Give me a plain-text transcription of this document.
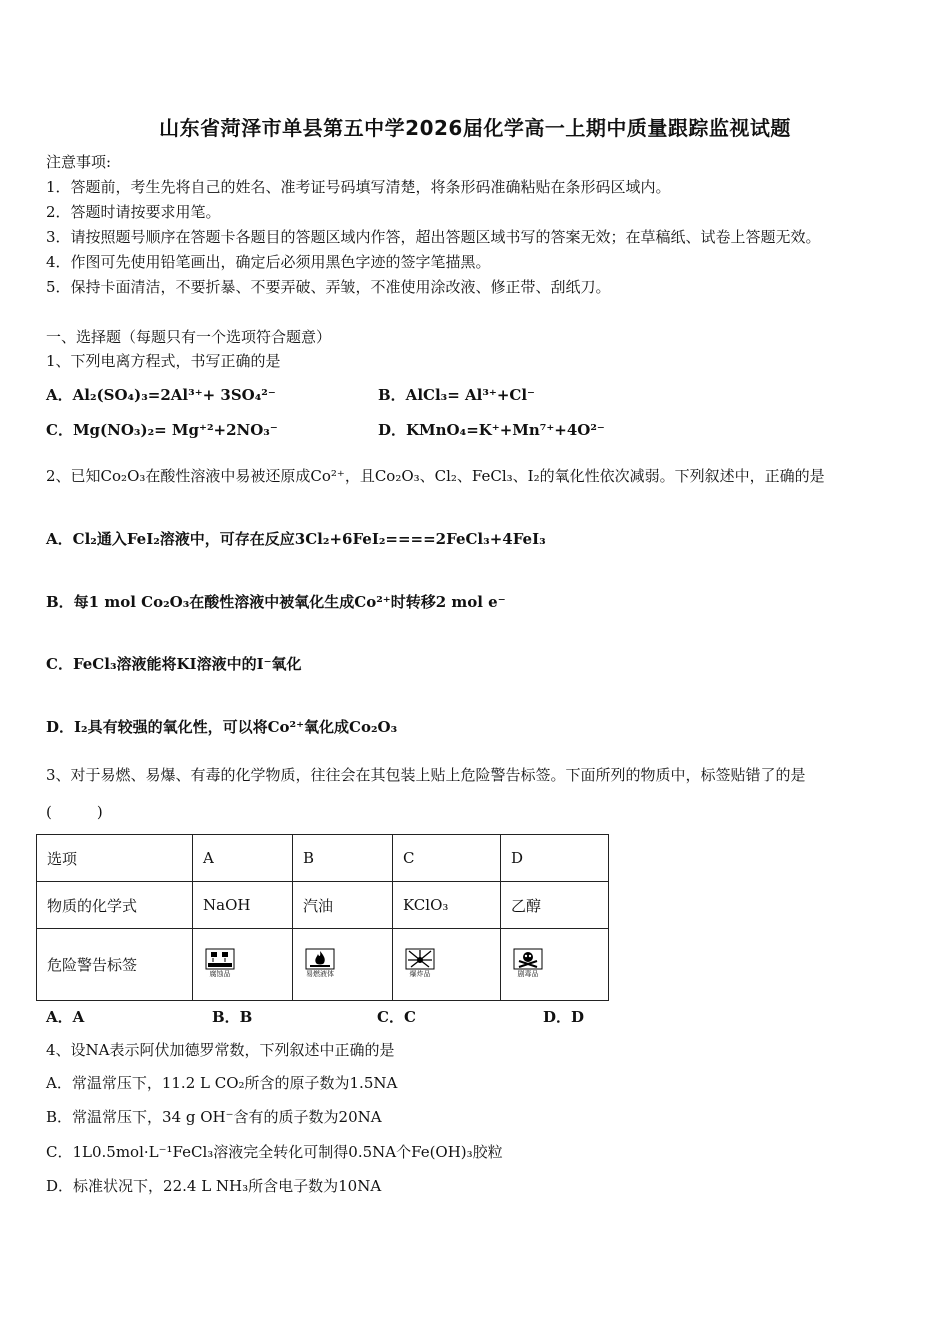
山东省菏泽市单县第五中学2026届化学高一上期中质量跟踪监视试题
注意事项:
1．答题前，考生先将自己的姓名、准考证号码填写清楚，将条形码准确粘贴在条形码区域内。
2．答题时请按要求用笔。
3．请按照题号顺序在答题卡各题目的答题区域内作答，超出答题区域书写的答案无效；在草稿纸、试卷上答题无效。
4．作图可先使用铅笔画出，确定后必须用黑色字迹的签字笔描黑。
5．保持卡面清洁，不要折暴、不要弄破、弄皱，不准使用涂改液、修正带、刮纸刀。
一、选择题（每题只有一个选项符合题意）
1、下列电离方程式，书写正确的是
A．Al₂(SO₄)₃=2Al³⁺+ 3SO₄²⁻	B．AlCl₃= Al³⁺+Cl⁻
C．Mg(NO₃)₂= Mg⁺²+2NO₃⁻	D．KMnO₄=K⁺+Mn⁷⁺+4O²⁻
2、已知Co₂O₃在酸性溶液中易被还原成Co²⁺，且Co₂O₃、Cl₂、FeCl₃、I₂的氧化性依次减弱。下列叙述中，正确的是
A．Cl₂通入FeI₂溶液中，可存在反应3Cl₂+6FeI₂====2FeCl₃+4FeI₃
B．每1 mol Co₂O₃在酸性溶液中被氧化生成Co²⁺时转移2 mol e⁻
C．FeCl₃溶液能将KI溶液中的I⁻氧化
D．I₂具有较强的氧化性，可以将Co²⁺氧化成Co₂O₃
3、对于易燃、易爆、有毒的化学物质，往往会在其包装上贴上危险警告标签。下面所列的物质中，标签贴错了的是
(　　　)
选项	A	B	C	D
物质的化学式	NaOH	汽油	KClO₃	乙醇
危险警告标签	腐蚀品	易燃液体	爆炸品	剧毒品
A．A	B．B	C．C	D．D
4、设NA表示阿伏加德罗常数，下列叙述中正确的是
A．常温常压下，11.2 L CO₂所含的原子数为1.5NA
B．常温常压下，34 g OH⁻含有的质子数为20NA
C．1L0.5mol·L⁻¹FeCl₃溶液完全转化可制得0.5NA个Fe(OH)₃胶粒
D．标准状况下，22.4 L NH₃所含电子数为10NA
